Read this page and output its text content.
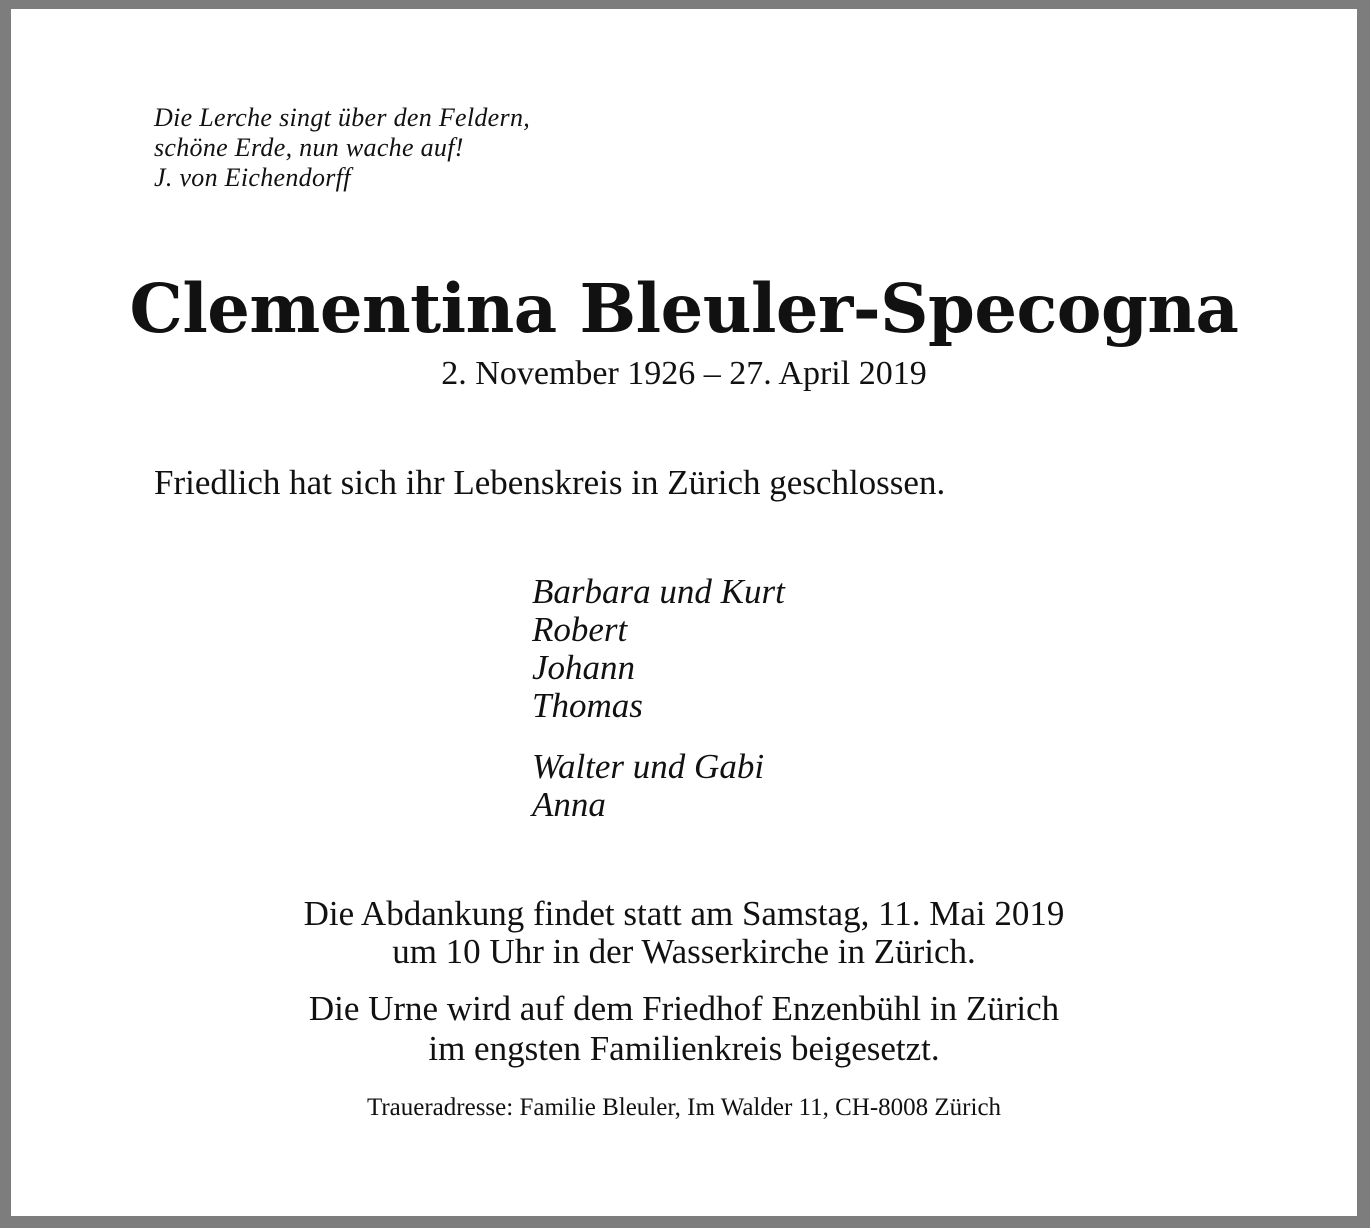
Die Lerche singt über den Feldern,
schöne Erde, nun wache auf!
J. von Eichendorff
Clementina Bleuler-Specogna
2. November 1926 – 27. April 2019
Friedlich hat sich ihr Lebenskreis in Zürich geschlossen.
Barbara und Kurt
Robert
Johann
Thomas
Walter und Gabi
Anna
Die Abdankung findet statt am Samstag, 11. Mai 2019
um 10 Uhr in der Wasserkirche in Zürich.
Die Urne wird auf dem Friedhof Enzenbühl in Zürich
im engsten Familienkreis beigesetzt.
Traueradresse: Familie Bleuler, Im Walder 11, CH-8008 Zürich
